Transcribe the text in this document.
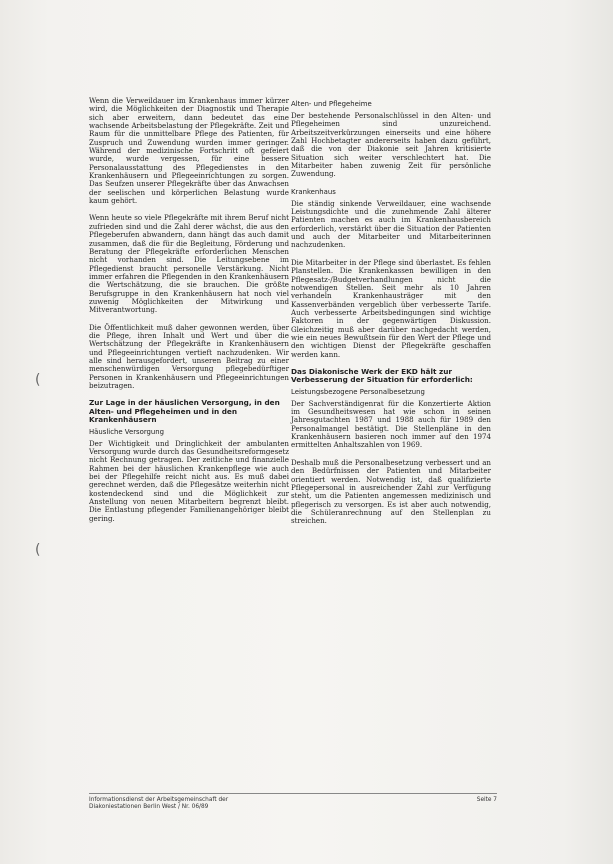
(
(

Wenn die Verweildauer im Krankenhaus immer kürzer wird, die Möglichkeiten der Diagnostik und Therapie sich aber erweitern, dann bedeutet das eine wachsende Arbeitsbelastung der Pflegekräfte. Zeit und Raum für die unmittelbare Pflege des Patienten, für Zuspruch und Zuwendung wurden immer geringer. Während der medizinische Fortschritt oft gefeiert wurde, wurde vergessen, für eine bessere Personalausstattung des Pflegedienstes in den Krankenhäusern und Pflegeeinrichtungen zu sorgen. Das Seufzen unserer Pflegekräfte über das Anwachsen der seelischen und körperlichen Belastung wurde kaum gehört.

Wenn heute so viele Pflegekräfte mit ihrem Beruf nicht zufrieden sind und die Zahl derer wächst, die aus den Pflegeberufen abwandern, dann hängt das auch damit zusammen, daß die für die Begleitung, Förderung und Beratung der Pflegekräfte erforderlichen Menschen nicht vorhanden sind. Die Leitungsebene im Pflegedienst braucht personelle Verstärkung. Nicht immer erfahren die Pflegenden in den Krankenhäusern die Wertschätzung, die sie brauchen. Die größte Berufsgruppe in den Krankenhäusern hat noch viel zuwenig Möglichkeiten der Mitwirkung und Mitverantwortung.

Die Öffentlichkeit muß daher gewonnen werden, über die Pflege, ihren Inhalt und Wert und über die Wertschätzung der Pflegekräfte in Krankenhäusern und Pflegeeinrichtungen vertieft nachzudenken. Wir alle sind herausgefordert, unseren Beitrag zu einer menschenwürdigen Versorgung pflegebedürftiger Personen in Krankenhäusern und Pflegeeinrichtungen beizutragen.

Zur Lage in der häuslichen Versorgung, in den Alten- und Pflegeheimen und in den Krankenhäusern
Häusliche Versorgung

Der Wichtigkeit und Dringlichkeit der ambulanten Versorgung wurde durch das Gesundheitsreformgesetz nicht Rechnung getragen. Der zeitliche und finanzielle Rahmen bei der häuslichen Krankenpflege wie auch bei der Pflegehilfe reicht nicht aus. Es muß dabei gerechnet werden, daß die Pflegesätze weiterhin nicht kostendeckend sind und die Möglichkeit zur Anstellung von neuen Mitarbeitern begrenzt bleibt. Die Entlastung pflegender Familienangehöriger bleibt gering.

Alten- und Pflegeheime

Der bestehende Personalschlüssel in den Alten- und Pflegeheimen sind unzureichend. Arbeitszeitverkürzungen einerseits und eine höhere Zahl Hochbetagter andererseits haben dazu geführt, daß die von der Diakonie seit Jahren kritisierte Situation sich weiter verschlechtert hat. Die Mitarbeiter haben zuwenig Zeit für persönliche Zuwendung.

Krankenhaus

Die ständig sinkende Verweildauer, eine wachsende Leistungsdichte und die zunehmende Zahl älterer Patienten machen es auch im Krankenhausbereich erforderlich, verstärkt über die Situation der Patienten und auch der Mitarbeiter und Mitarbeiterinnen nachzudenken.

Die Mitarbeiter in der Pflege sind überlastet. Es fehlen Planstellen. Die Krankenkassen bewilligen in den Pflegesatz-/Budgetverhandlungen nicht die notwendigen Stellen. Seit mehr als 10 Jahren verhandeln Krankenhausträger mit den Kassenverbänden vergeblich über verbesserte Tarife. Auch verbesserte Arbeitsbedingungen sind wichtige Faktoren in der gegenwärtigen Diskussion. Gleichzeitig muß aber darüber nachgedacht werden, wie ein neues Bewußtsein für den Wert der Pflege und den wichtigen Dienst der Pflegekräfte geschaffen werden kann.

Das Diakonische Werk der EKD hält zur Verbesserung der Situation für erforderlich:
Leistungsbezogene Personalbesetzung

Der Sachverständigenrat für die Konzertierte Aktion im Gesundheitswesen hat wie schon in seinen Jahresgutachten 1987 und 1988 auch für 1989 den Personalmangel bestätigt. Die Stellenpläne in den Krankenhäusern basieren noch immer auf den 1974 ermittelten Anhaltszahlen von 1969.

Deshalb muß die Personalbesetzung verbessert und an den Bedürfnissen der Patienten und Mitarbeiter orientiert werden. Notwendig ist, daß qualifizierte Pflegepersonal in ausreichender Zahl zur Verfügung steht, um die Patienten angemessen medizinisch und pflegerisch zu versorgen. Es ist aber auch notwendig, die Schüleranrechnung auf den Stellenplan zu streichen.

Informationsdienst der Arbeitsgemeinschaft der
Diakoniestationen Berlin West / Nr. 06/89
Seite 7
